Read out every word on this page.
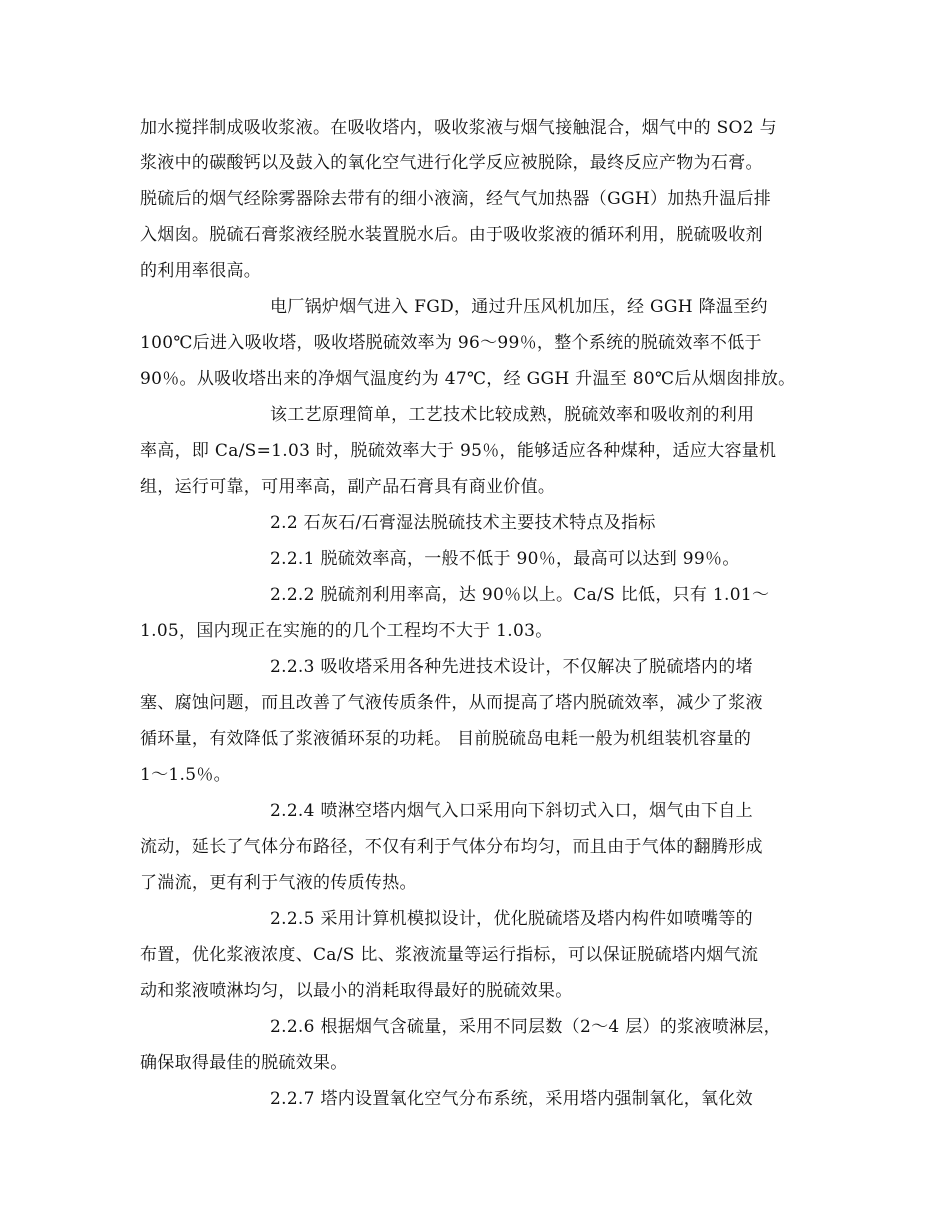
加水搅拌制成吸收浆液。在吸收塔内，吸收浆液与烟气接触混合，烟气中的 SO2 与
浆液中的碳酸钙以及鼓入的氧化空气进行化学反应被脱除，最终反应产物为石膏。
脱硫后的烟气经除雾器除去带有的细小液滴，经气气加热器（GGH）加热升温后排
入烟囱。脱硫石膏浆液经脱水装置脱水后。由于吸收浆液的循环利用，脱硫吸收剂
的利用率很高。
电厂锅炉烟气进入 FGD，通过升压风机加压，经 GGH 降温至约
100℃后进入吸收塔，吸收塔脱硫效率为 96～99％，整个系统的脱硫效率不低于
90％。从吸收塔出来的净烟气温度约为 47℃，经 GGH 升温至 80℃后从烟囱排放。
该工艺原理简单，工艺技术比较成熟，脱硫效率和吸收剂的利用
率高，即 Ca/S=1.03 时，脱硫效率大于 95％，能够适应各种煤种，适应大容量机
组，运行可靠，可用率高，副产品石膏具有商业价值。
2.2 石灰石/石膏湿法脱硫技术主要技术特点及指标
2.2.1 脱硫效率高，一般不低于 90％，最高可以达到 99％。
2.2.2 脱硫剂利用率高，达 90％以上。Ca/S 比低，只有 1.01～
1.05，国内现正在实施的的几个工程均不大于 1.03。
2.2.3 吸收塔采用各种先进技术设计，不仅解决了脱硫塔内的堵
塞、腐蚀问题，而且改善了气液传质条件，从而提高了塔内脱硫效率，减少了浆液
循环量，有效降低了浆液循环泵的功耗。 目前脱硫岛电耗一般为机组装机容量的
1～1.5％。
2.2.4 喷淋空塔内烟气入口采用向下斜切式入口，烟气由下自上
流动，延长了气体分布路径，不仅有利于气体分布均匀，而且由于气体的翻腾形成
了湍流，更有利于气液的传质传热。
2.2.5 采用计算机模拟设计，优化脱硫塔及塔内构件如喷嘴等的
布置，优化浆液浓度、Ca/S 比、浆液流量等运行指标，可以保证脱硫塔内烟气流
动和浆液喷淋均匀，以最小的消耗取得最好的脱硫效果。
2.2.6 根据烟气含硫量，采用不同层数（2～4 层）的浆液喷淋层，
确保取得最佳的脱硫效果。
2.2.7 塔内设置氧化空气分布系统，采用塔内强制氧化，氧化效
